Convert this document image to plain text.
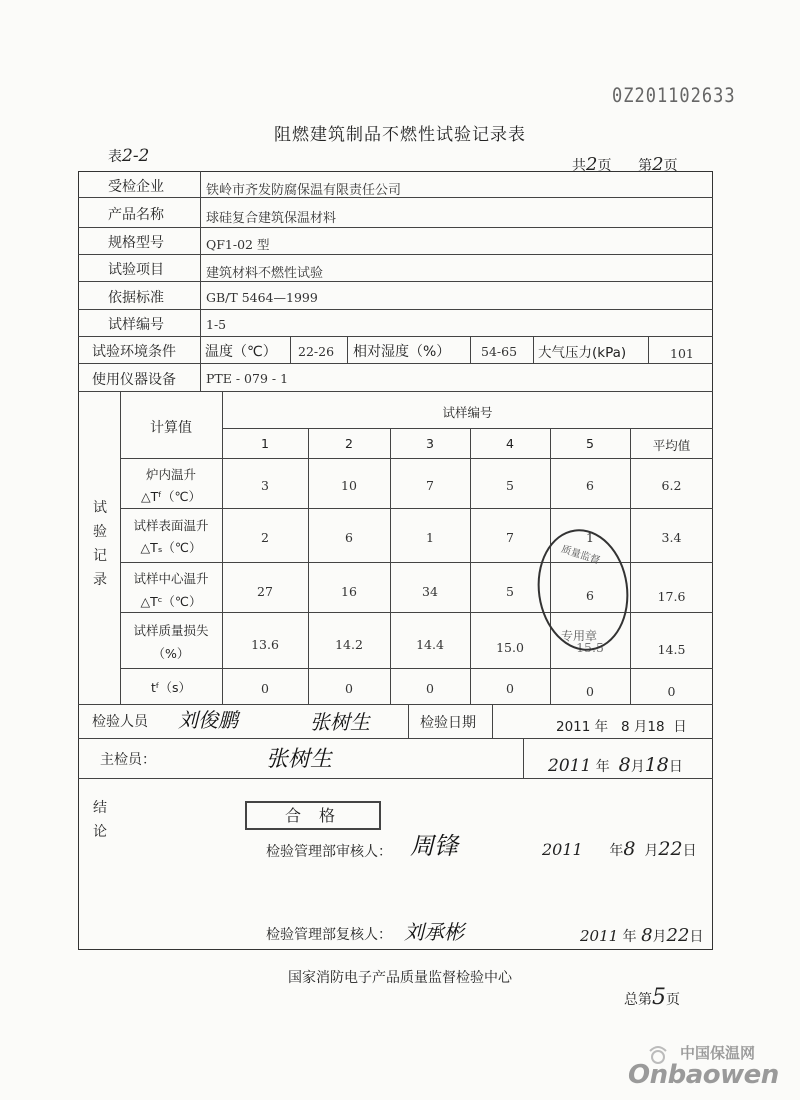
0Z201102633
阻燃建筑制品不燃性试验记录表
表2-2	共2页 第2页
受检企业	铁岭市齐发防腐保温有限责任公司
产品名称	球硅复合建筑保温材料
规格型号	QF1-02 型
试验项目	建筑材料不燃性试验
依据标准	GB/T 5464—1999
试样编号	1-5
试验环境条件 温度（℃） 22-26 相对湿度（%） 54-65 大气压力(kPa)	101
使用仪器设备 PTE - 079 - 1
试验记录
计算值
试样编号
1	2	3	4	5	平均值
炉内温升
△Tᶠ（℃）
3	10	7	5	6	6.2
试样表面温升
△Tₛ（℃）
2	6	1	7	1	3.4
试样中心温升
△Tᶜ（℃）
27	16	34	5	6	17.6
试样质量损失
（%）
13.6	14.2	14.4	15.0	15.5	14.5
tᶠ（s）	0	0	0	0	0	0
质量监督
专用章
检验人员 刘俊鹏	张树生	检验日期	2011 年 8 月18 日
主检员：	张树生	2011 年 8月18日
结论
合格
检验管理部审核人： 周锋	2011 年8 月22日
检验管理部复核人： 刘承彬	2011 年 8月22日
国家消防电子产品质量监督检验中心
总第5页
中国保温网
Onbaowen
